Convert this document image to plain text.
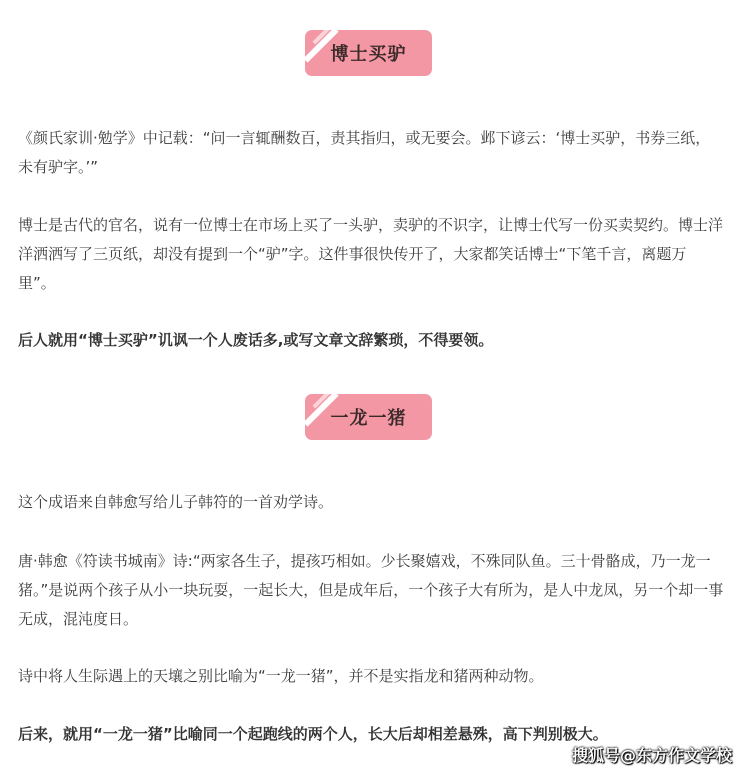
博士买驴

《颜氏家训·勉学》中记载：“问一言辄酬数百，责其指归，或无要会。邺下谚云：‘博士买驴，书券三纸，未有驴字。’”

博士是古代的官名，说有一位博士在市场上买了一头驴，卖驴的不识字，让博士代写一份买卖契约。博士洋洋洒洒写了三页纸，却没有提到一个“驴”字。这件事很快传开了，大家都笑话博士“下笔千言，离题万里”。

后人就用“博士买驴”讥讽一个人废话多,或写文章文辞繁琐，不得要领。

一龙一猪

这个成语来自韩愈写给儿子韩符的一首劝学诗。

唐·韩愈《符读书城南》诗:“两家各生子，提孩巧相如。少长聚嬉戏，不殊同队鱼。三十骨骼成，乃一龙一猪。”是说两个孩子从小一块玩耍，一起长大，但是成年后，一个孩子大有所为，是人中龙凤，另一个却一事无成，混沌度日。

诗中将人生际遇上的天壤之别比喻为“一龙一猪”，并不是实指龙和猪两种动物。

后来，就用“一龙一猪”比喻同一个起跑线的两个人，长大后却相差悬殊，高下判别极大。

搜狐号@东方作文学校
